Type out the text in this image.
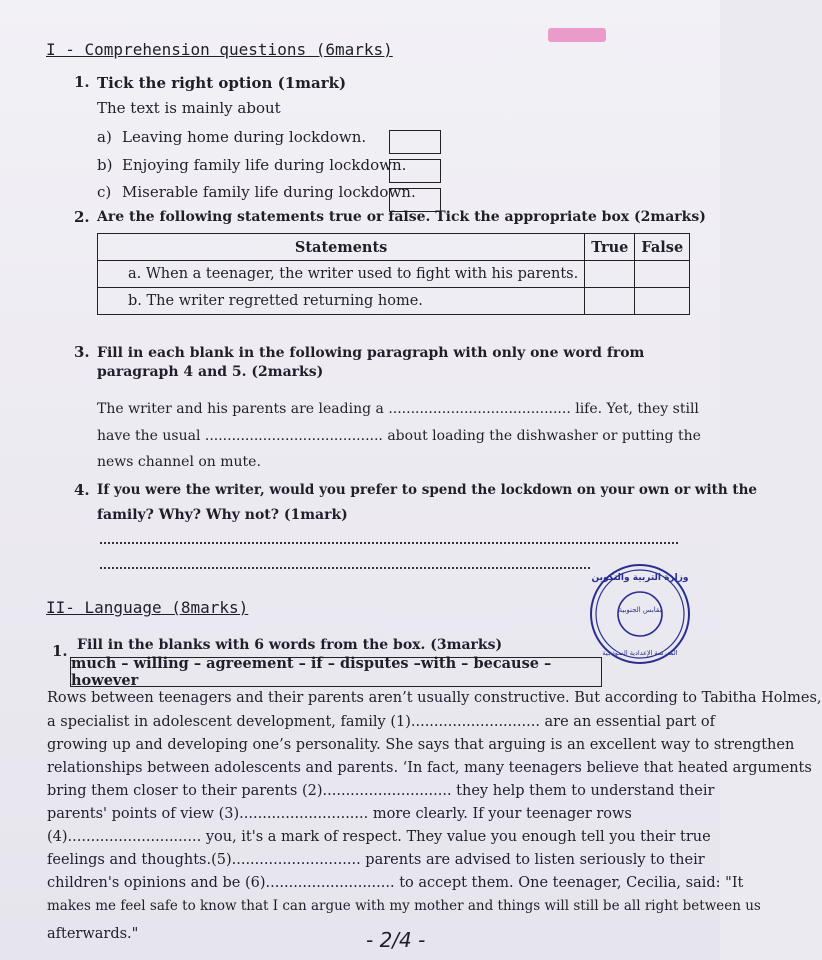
I - Comprehension questions (6marks)
1. Tick the right option (1mark)
The text is mainly about
a) Leaving home during lockdown.
b) Enjoying family life during lockdown.
c) Miserable family life during lockdown.
2. Are the following statements true or false. Tick the appropriate box (2marks)
Statements	True	False
a. When a teenager, the writer used to fight with his parents.		
b. The writer regretted returning home.		
3. Fill in each blank in the following paragraph with only one word from
paragraph 4 and 5. (2marks)
The writer and his parents are leading a ......................................... life. Yet, they still
have the usual ........................................ about loading the dishwasher or putting the
news channel on mute.
4. If you were the writer, would you prefer to spend the lockdown on your own or with the
family? Why? Why not? (1mark)
II- Language (8marks)
1. Fill in the blanks with 6 words from the box. (3marks)
much – willing – agreement – if – disputes –with – because – however
Rows between teenagers and their parents aren’t usually constructive. But according to Tabitha Holmes,
a specialist in adolescent development, family (1)............................ are an essential part of
growing up and developing one’s personality. She says that arguing is an excellent way to strengthen
relationships between adolescents and parents. ‘In fact, many teenagers believe that heated arguments
bring them closer to their parents (2)............................ they help them to understand their
parents' points of view (3)............................ more clearly. If your teenager rows
(4)............................. you, it's a mark of respect. They value you enough tell you their true
feelings and thoughts.(5)............................ parents are advised to listen seriously to their
children's opinions and be (6)............................ to accept them. One teenager, Cecilia, said: "It
makes me feel safe to know that I can argue with my mother and things will still be all right between us
afterwards."
وزارة التربية والتكوين
بقابس الجنوبية
المدرسة الإعدادية النموذجية
- 2/4 -
